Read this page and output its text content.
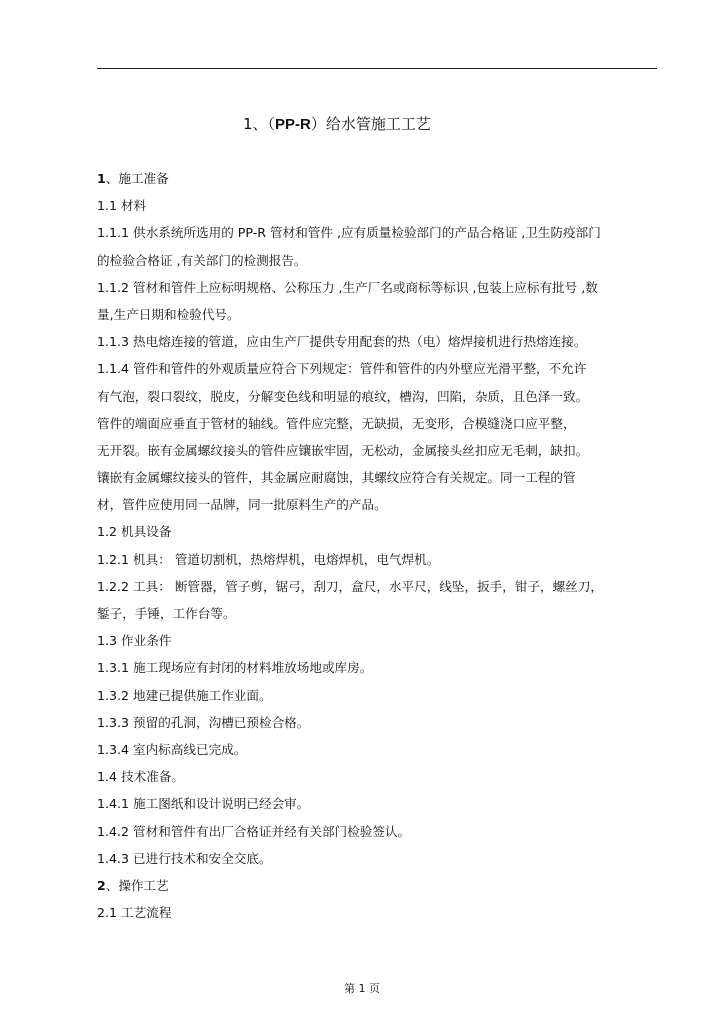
1、（PP-R）给水管施工工艺
1、施工准备
1.1 材料
1.1.1 供水系统所选用的 PP-R 管材和管件 ,应有质量检验部门的产品合格证 ,卫生防疫部门
的检验合格证 ,有关部门的检测报告。
1.1.2 管材和管件上应标明规格、公称压力 ,生产厂名或商标等标识 ,包装上应标有批号 ,数
量,生产日期和检验代号。
1.1.3 热电熔连接的管道，应由生产厂提供专用配套的热（电）熔焊接机进行热熔连接。
1.1.4 管件和管件的外观质量应符合下列规定：管件和管件的内外壁应光滑平整，不允许
有气泡，裂口裂纹，脱皮，分解变色线和明显的痕纹，槽沟，凹陷，杂质，且色泽一致。
管件的端面应垂直于管材的轴线。管件应完整，无缺损，无变形，合模缝浇口应平整，
无开裂。嵌有金属螺纹接头的管件应镶嵌牢固，无松动，金属接头丝扣应无毛刺，缺扣。
镶嵌有金属螺纹接头的管件，其金属应耐腐蚀，其螺纹应符合有关规定。同一工程的管
材，管件应使用同一品牌，同一批原料生产的产品。
1.2 机具设备
1.2.1 机具： 管道切割机，热熔焊机，电熔焊机，电气焊机。
1.2.2 工具： 断管器，管子剪，锯弓，刮刀，盒尺，水平尺，线坠，扳手，钳子，螺丝刀，
錾子，手锤，工作台等。
1.3 作业条件
1.3.1 施工现场应有封闭的材料堆放场地或库房。
1.3.2 地建已提供施工作业面。
1.3.3 预留的孔洞，沟槽已预检合格。
1.3.4 室内标高线已完成。
1.4 技术准备。
1.4.1 施工图纸和设计说明已经会审。
1.4.2 管材和管件有出厂合格证并经有关部门检验签认。
1.4.3 已进行技术和安全交底。
2、操作工艺
2.1 工艺流程
第 1 页
